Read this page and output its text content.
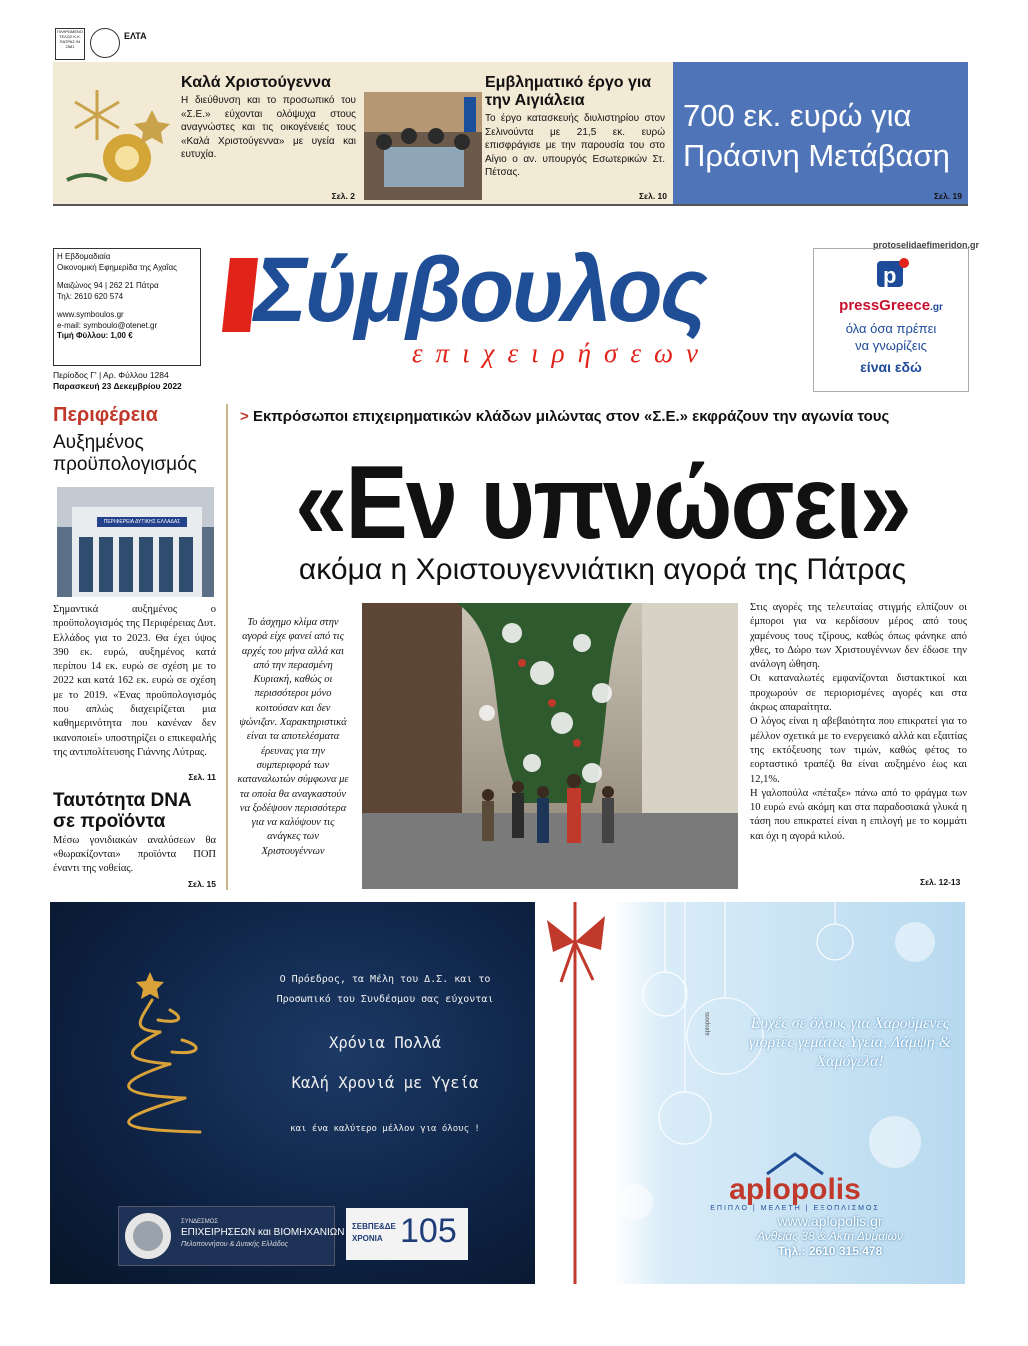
ΠΛΗΡΩΜΕΝΟ ΤΕΛΟΣ Κ.Κ. ΠΑΤΡΑΣ 94 2581
ΕΛΤΑ
Καλά Χριστούγεννα

Η διεύθυνση και το προσωπικό του «Σ.Ε.» εύχονται ολόψυχα στους αναγνώστες και τις οικογένειές τους «Καλά Χριστούγεννα» με υγεία και ευτυχία.

Σελ. 2
Εμβληματικό έργο για την Αιγιάλεια

Το έργο κατασκευής διυλιστηρίου στον Σελινούντα με 21,5 εκ. ευρώ επισφράγισε με την παρουσία του στο Αίγιο ο αν. υπουργός Εσωτερικών Στ. Πέτσας.

Σελ. 10
700 εκ. ευρώ για Πράσινη Μετάβαση
Σελ. 19
Η Εβδομαδιαία
Οικονομική Εφημερίδα της Αχαΐας
Μαιζώνος 94 | 262 21 Πάτρα
Τηλ: 2610 620 574
www.symboulos.gr
e-mail: symboulo@otenet.gr
Τιμή Φύλλου: 1,00 €
Περίοδος Γ' | Αρ. Φύλλου 1284
Παρασκευή 23 Δεκεμβρίου 2022
Σύμβουλος
επιχειρήσεων
protoselidaefimeridon.gr
p
pressGreece.gr
όλα όσα πρέπει
να γνωρίζεις
είναι εδώ
Περιφέρεια
Αυξημένος προϋπολογισμός
ΠΕΡΙΦΕΡΕΙΑ ΔΥΤΙΚΗΣ ΕΛΛΑΔΑΣ
Σημαντικά αυξημένος ο προϋπολογισμός της Περιφέρειας Δυτ. Ελλάδος για το 2023. Θα έχει ύψος 390 εκ. ευρώ, αυξημένος κατά περίπου 14 εκ. ευρώ σε σχέση με το 2022 και κατά 162 εκ. ευρώ σε σχέση με το 2019. «Ένας προϋπολογισμός που απλώς διαχειρίζεται μια καθημερινότητα που κανέναν δεν ικανοποιεί» υποστηρίζει ο επικεφαλής της αντιπολίτευσης Γιάννης Λύτρας.
Σελ. 11
Ταυτότητα DNA σε προϊόντα
Μέσω γονιδιακών αναλύσεων θα «θωρακίζονται» προϊόντα ΠΟΠ έναντι της νοθείας.
Σελ. 15
> Εκπρόσωποι επιχειρηματικών κλάδων μιλώντας στον «Σ.Ε.» εκφράζουν την αγωνία τους
«Εν υπνώσει»
ακόμα η Χριστουγεννιάτικη αγορά της Πάτρας
Το άσχημο κλίμα στην αγορά είχε φανεί από τις αρχές του μήνα αλλά και από την περασμένη Κυριακή, καθώς οι περισσότεροι μόνο κοιτούσαν και δεν ψώνιζαν. Χαρακτηριστικά είναι τα αποτελέσματα έρευνας για την συμπεριφορά των καταναλωτών σύμφωνα με τα οποία θα αναγκαστούν να ξοδέψουν περισσότερα για να καλύψουν τις ανάγκες των Χριστουγέννων

Στις αγορές της τελευταίας στιγμής ελπίζουν οι έμποροι για να κερδίσουν μέρος από τους χαμένους τους τζίρους, καθώς όπως φάνηκε από χθες, το Δώρο των Χριστουγέννων δεν έδωσε την ανάλογη ώθηση.

Οι καταναλωτές εμφανίζονται διστακτικοί και προχωρούν σε περιορισμένες αγορές και στα άκρως απαραίτητα.

Ο λόγος είναι η αβεβαιότητα που επικρατεί για το μέλλον σχετικά με το ενεργειακό αλλά και εξαιτίας της εκτόξευσης των τιμών, καθώς φέτος το εορταστικό τραπέζι θα είναι αυξημένο έως και 12,1%.

Η γαλοπούλα «πέταξε» πάνω από το φράγμα των 10 ευρώ ενώ ακόμη και στα παραδοσιακά γλυκά η τάση που επικρατεί είναι η επιλογή με το κομμάτι και όχι η αγορά κιλού.

Σελ. 12-13
Ο Πρόεδρος, τα Μέλη του Δ.Σ. και το
Προσωπικό του Συνδέσμου σας εύχονται
Χρόνια Πολλά
Καλή Χρονιά με Υγεία
και ένα καλύτερο μέλλον για όλους !
ΣΥΝΔΕΣΜΟΣ
ΕΠΙΧΕΙΡΗΣΕΩΝ και ΒΙΟΜΗΧΑΝΙΩΝ
Πελοποννήσου & Δυτικής Ελλάδος
ΣΕΒΠΕ&ΔΕ
ΧΡΟΝΙΑ 105
aplopolis	Ευχές σε όλους για Χαρούμενες γιορτές γεμάτες Υγεία, Λάμψη & Χαμόγελα!
aplopolis
ΕΠΙΠΛΟ | ΜΕΛΕΤΗ | ΕΞΟΠΛΙΣΜΟΣ
www.aplopolis.gr
Ανθείας 38 & Ακτή Δυμαίων
Τηλ.: 2610 315.478
